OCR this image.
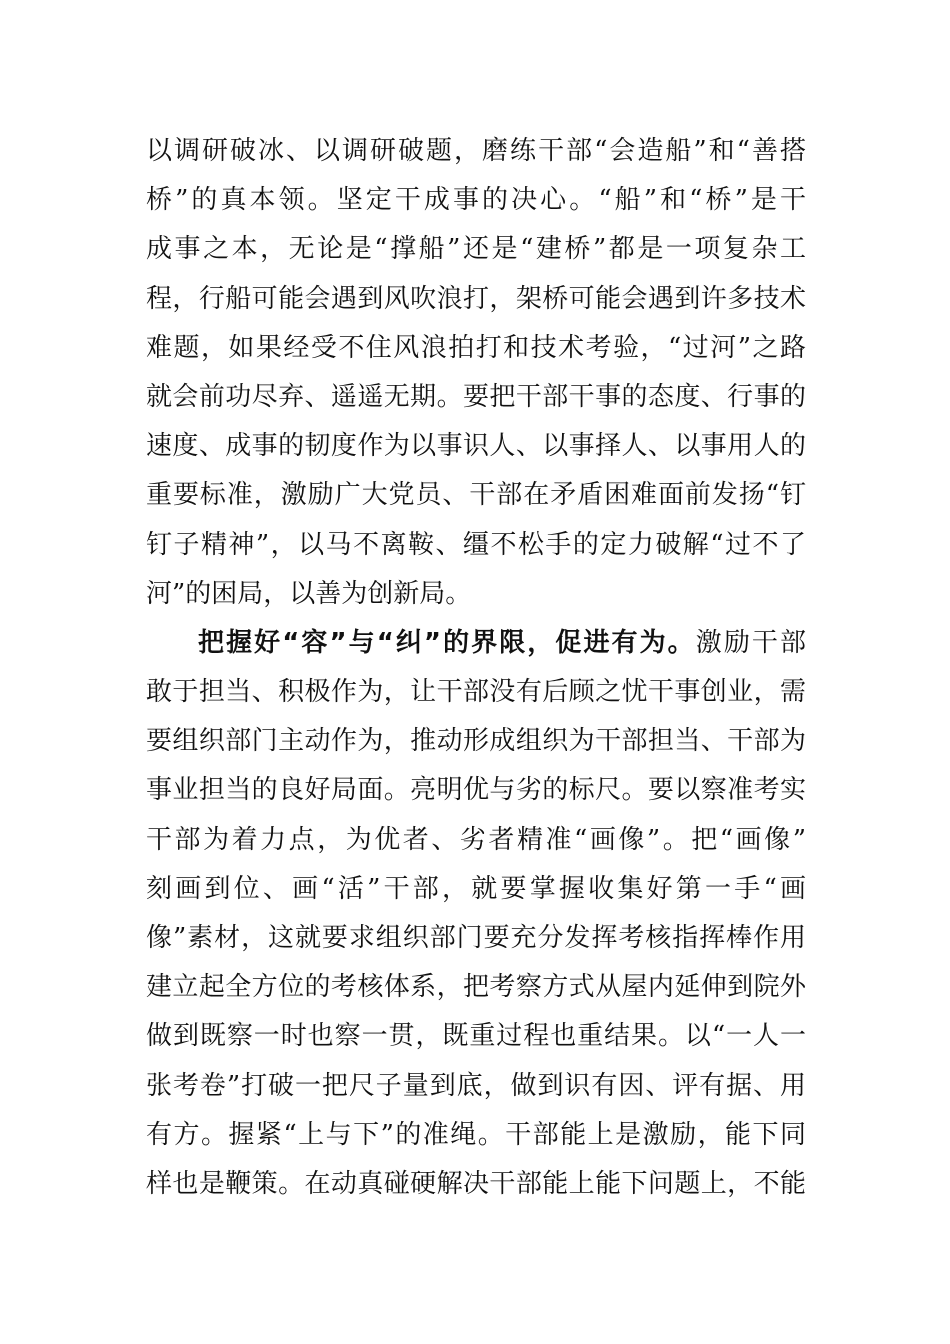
以调研破冰、以调研破题，磨练干部“会造船”和“善搭
桥”的真本领。坚定干成事的决心。“船”和“桥”是干
成事之本，无论是“撑船”还是“建桥”都是一项复杂工
程，行船可能会遇到风吹浪打，架桥可能会遇到许多技术
难题，如果经受不住风浪拍打和技术考验，“过河”之路
就会前功尽弃、遥遥无期。要把干部干事的态度、行事的
速度、成事的韧度作为以事识人、以事择人、以事用人的
重要标准，激励广大党员、干部在矛盾困难面前发扬“钉
钉子精神”，以马不离鞍、缰不松手的定力破解“过不了
河”的困局，以善为创新局。
把握好“容”与“纠”的界限，促进有为。激励干部
敢于担当、积极作为，让干部没有后顾之忧干事创业，需
要组织部门主动作为，推动形成组织为干部担当、干部为
事业担当的良好局面。亮明优与劣的标尺。要以察准考实
干部为着力点，为优者、劣者精准“画像”。把“画像”
刻画到位、画“活”干部，就要掌握收集好第一手“画
像”素材，这就要求组织部门要充分发挥考核指挥棒作用
建立起全方位的考核体系，把考察方式从屋内延伸到院外
做到既察一时也察一贯，既重过程也重结果。以“一人一
张考卷”打破一把尺子量到底，做到识有因、评有据、用
有方。握紧“上与下”的准绳。干部能上是激励，能下同
样也是鞭策。在动真碰硬解决干部能上能下问题上，不能
